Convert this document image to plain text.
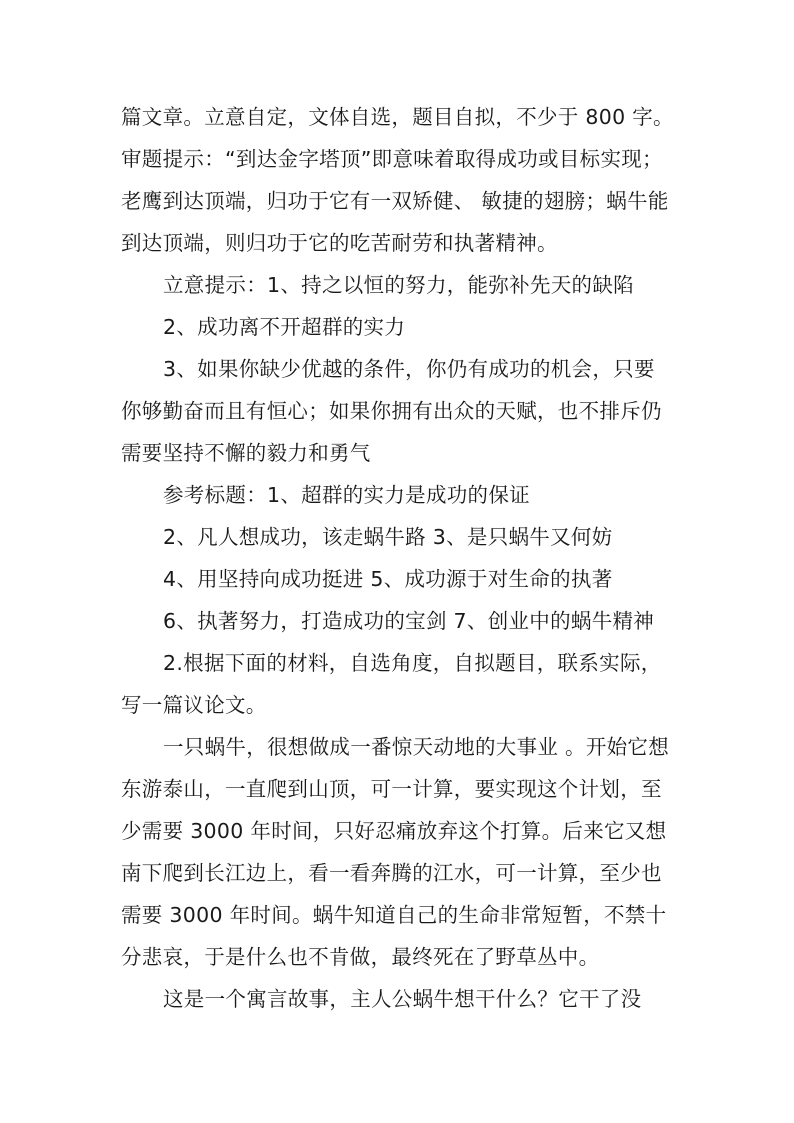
篇文章。立意自定，文体自选，题目自拟，不少于 800 字。
审题提示：“到达金字塔顶”即意味着取得成功或目标实现；
老鹰到达顶端，归功于它有一双矫健、 敏捷的翅膀；蜗牛能
到达顶端，则归功于它的吃苦耐劳和执著精神。
立意提示：1、持之以恒的努力，能弥补先天的缺陷
2、成功离不开超群的实力
3、如果你缺少优越的条件，你仍有成功的机会，只要
你够勤奋而且有恒心；如果你拥有出众的天赋，也不排斥仍
需要坚持不懈的毅力和勇气
参考标题：1、超群的实力是成功的保证
2、凡人想成功，该走蜗牛路 3、是只蜗牛又何妨
4、用坚持向成功挺进 5、成功源于对生命的执著
6、执著努力，打造成功的宝剑 7、创业中的蜗牛精神
2.根据下面的材料，自选角度，自拟题目，联系实际，
写一篇议论文。
一只蜗牛，很想做成一番惊天动地的大事业 。开始它想
东游泰山，一直爬到山顶，可一计算，要实现这个计划，至
少需要 3000 年时间，只好忍痛放弃这个打算。后来它又想
南下爬到长江边上，看一看奔腾的江水，可一计算，至少也
需要 3000 年时间。蜗牛知道自己的生命非常短暂，不禁十
分悲哀，于是什么也不肯做，最终死在了野草丛中。
这是一个寓言故事，主人公蜗牛想干什么？它干了没
